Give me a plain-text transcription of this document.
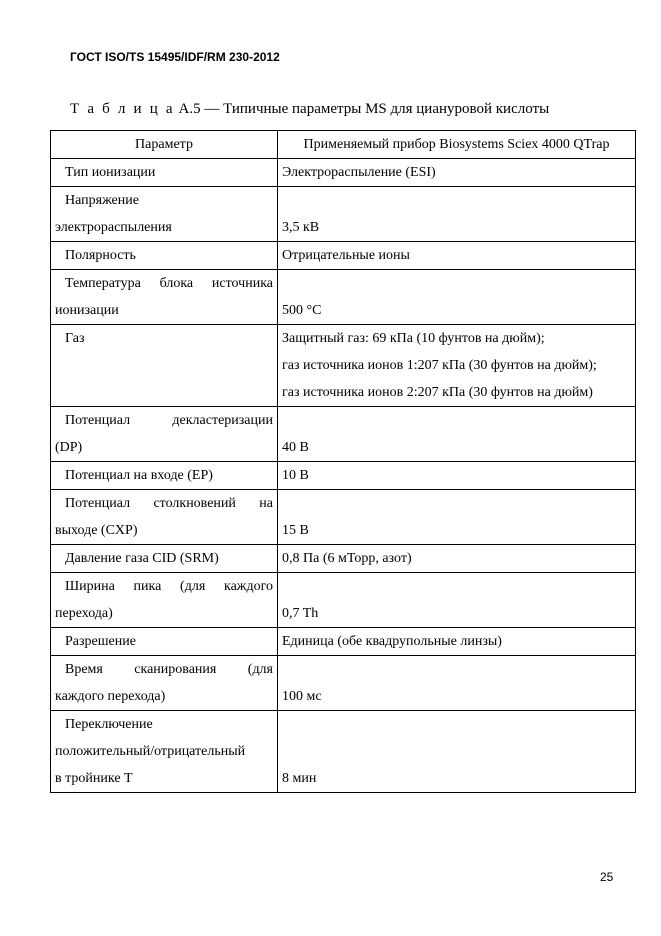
ГОСТ ISO/TS 15495/IDF/RM 230-2012
Т а б л и ц а А.5 — Типичные параметры MS для циануровой кислоты
Параметр	Применяемый прибор Biosystems Sciex 4000 QTrap

Тип ионизации	Электрораспыление (ESI)

Напряжение
электрораспыления	3,5 кВ

Полярность	Отрицательные ионы

Температура блока источника
ионизации	500 °С

Газ	Защитный газ: 69 кПа (10 фунтов на дюйм);
газ источника ионов 1:207 кПа (30 фунтов на дюйм);
газ источника ионов 2:207 кПа (30 фунтов на дюйм)

Потенциал декластеризации
(DP)	40 В

Потенциал на входе (EP)	10 В

Потенциал столкновений на
выходе (CXP)	15 В

Давление газа CID (SRM)	0,8 Па (6 мТорр, азот)

Ширина пика (для каждого
перехода)	0,7 Th

Разрешение	Единица (обе квадрупольные линзы)

Время сканирования (для
каждого перехода)	100 мс

Переключение
положительный/отрицательный
в тройнике Т	8 мин
25
